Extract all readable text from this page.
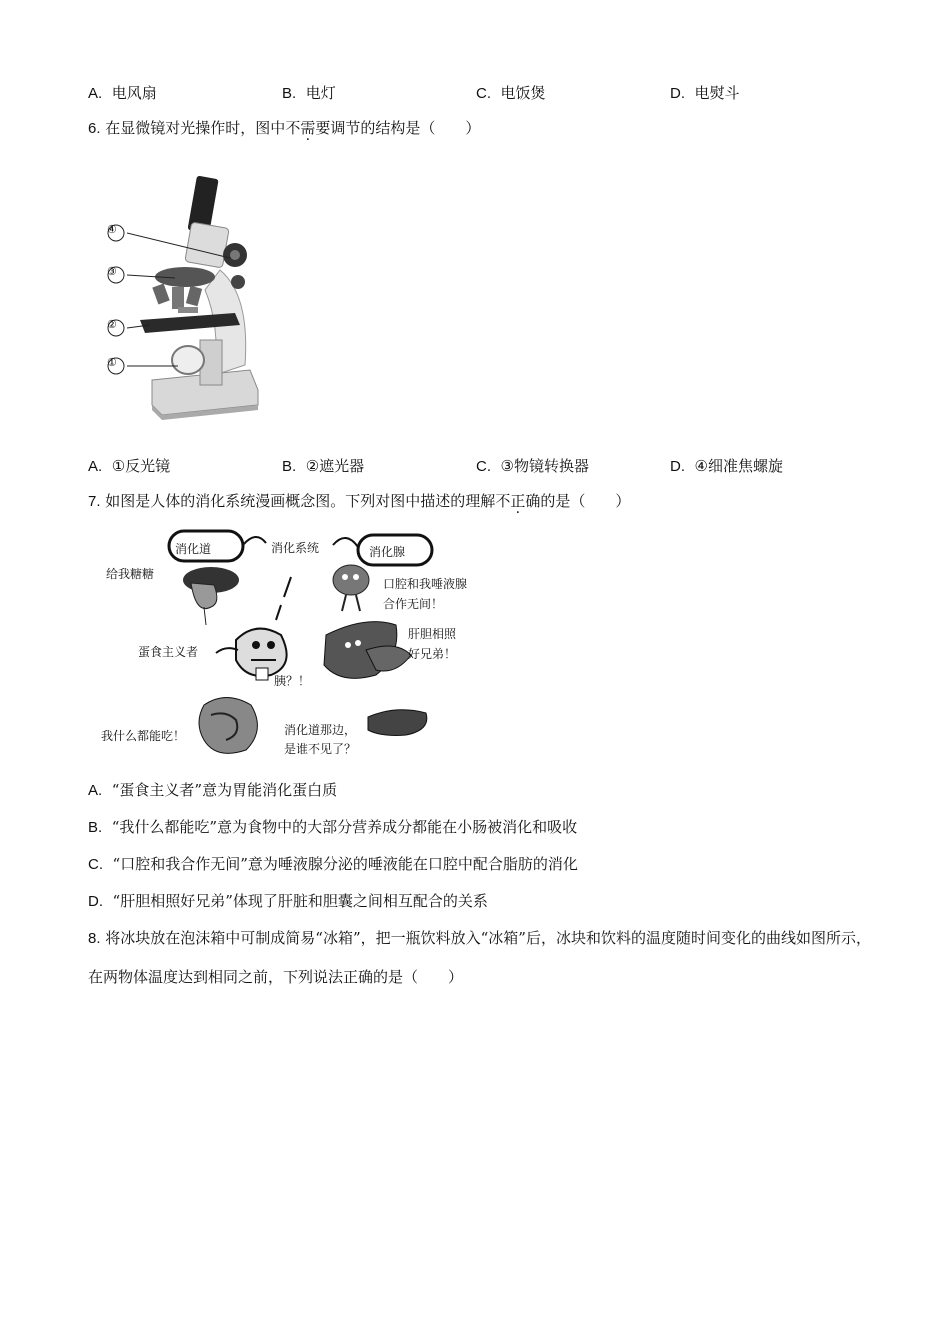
A. 电风扇	B. 电灯	C. 电饭煲	D. 电熨斗
6. 在显微镜对光操作时，图中不需要调节的结构是（　　）
④
③
②
①
A. ①反光镜	B. ②遮光器	C. ③物镜转换器	D. ④细准焦螺旋
7. 如图是人体的消化系统漫画概念图。下列对图中描述的理解不正确的是（　　）
消化道	消化系统	消化腺
给我糖糖
口腔和我唾液腺
合作无间！
蛋食主义者
肝胆相照
好兄弟！
胰？！
我什么都能吃！	消化道那边，
是谁不见了？
A. “蛋食主义者”意为胃能消化蛋白质
B. “我什么都能吃”意为食物中的大部分营养成分都能在小肠被消化和吸收
C. “口腔和我合作无间”意为唾液腺分泌的唾液能在口腔中配合脂肪的消化
D. “肝胆相照好兄弟”体现了肝脏和胆囊之间相互配合的关系
8. 将冰块放在泡沫箱中可制成简易“冰箱”，把一瓶饮料放入“冰箱”后，冰块和饮料的温度随时间变化的曲线如图所示，在两物体温度达到相同之前，下列说法正确的是（　　）
